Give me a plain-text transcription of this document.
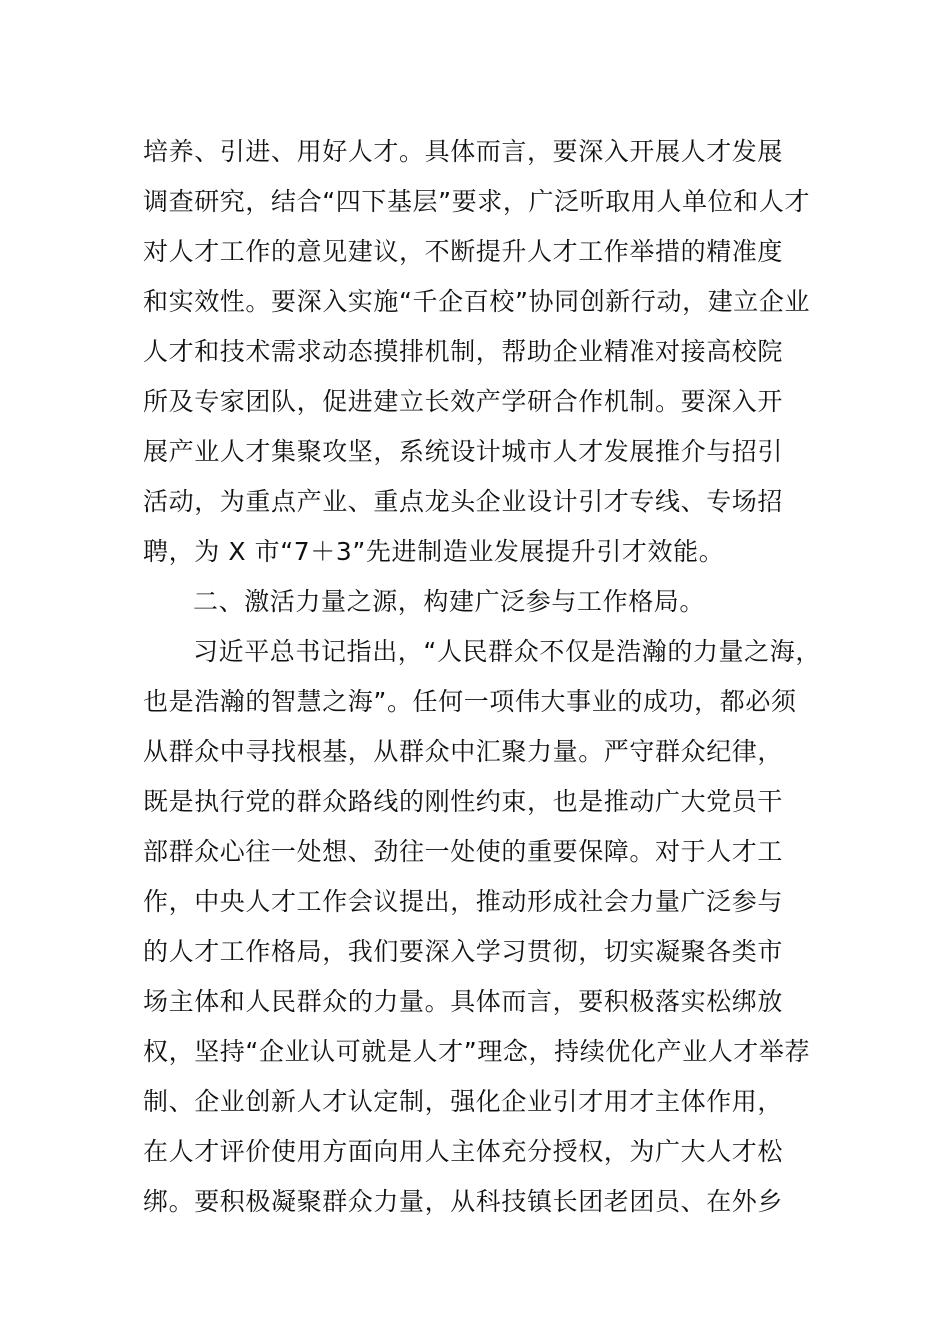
培养、引进、用好人才。具体而言，要深入开展人才发展
调查研究，结合“四下基层”要求，广泛听取用人单位和人才
对人才工作的意见建议，不断提升人才工作举措的精准度
和实效性。要深入实施“千企百校”协同创新行动，建立企业
人才和技术需求动态摸排机制，帮助企业精准对接高校院
所及专家团队，促进建立长效产学研合作机制。要深入开
展产业人才集聚攻坚，系统设计城市人才发展推介与招引
活动，为重点产业、重点龙头企业设计引才专线、专场招
聘，为 X 市“7＋3”先进制造业发展提升引才效能。
二、激活力量之源，构建广泛参与工作格局。
习近平总书记指出，“人民群众不仅是浩瀚的力量之海，
也是浩瀚的智慧之海”。任何一项伟大事业的成功，都必须
从群众中寻找根基，从群众中汇聚力量。严守群众纪律，
既是执行党的群众路线的刚性约束，也是推动广大党员干
部群众心往一处想、劲往一处使的重要保障。对于人才工
作，中央人才工作会议提出，推动形成社会力量广泛参与
的人才工作格局，我们要深入学习贯彻，切实凝聚各类市
场主体和人民群众的力量。具体而言，要积极落实松绑放
权，坚持“企业认可就是人才”理念，持续优化产业人才举荐
制、企业创新人才认定制，强化企业引才用才主体作用，
在人才评价使用方面向用人主体充分授权，为广大人才松
绑。要积极凝聚群众力量，从科技镇长团老团员、在外乡
